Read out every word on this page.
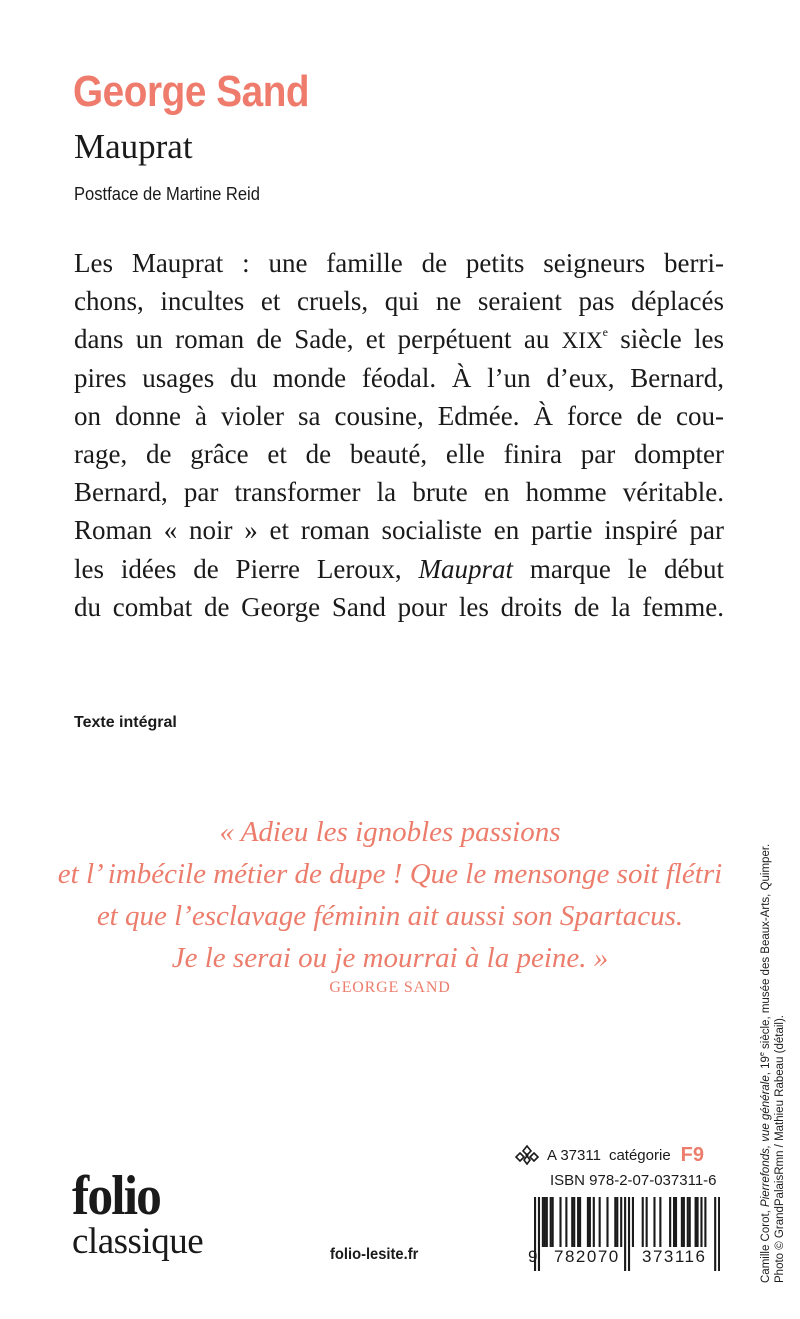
George Sand
Mauprat
Postface de Martine Reid
Les Mauprat : une famille de petits seigneurs berri-
chons, incultes et cruels, qui ne seraient pas déplacés
dans un roman de Sade, et perpétuent au XIXe siècle les
pires usages du monde féodal. À l’un d’eux, Bernard,
on donne à violer sa cousine, Edmée. À force de cou-
rage, de grâce et de beauté, elle finira par dompter
Bernard, par transformer la brute en homme véritable.
Roman « noir » et roman socialiste en partie inspiré par
les idées de Pierre Leroux, Mauprat marque le début
du combat de George Sand pour les droits de la femme.
Texte intégral
« Adieu les ignobles passions
et l’ imbécile métier de dupe ! Que le mensonge soit flétri
et que l’esclavage féminin ait aussi son Spartacus.
Je le serai ou je mourrai à la peine. »
GEORGE SAND
Camille Corot, Pierrefonds, vue générale, 19e siècle, musée des Beaux-Arts, Quimper.
Photo © GrandPalaisRmn / Mathieu Rabeau (détail).
folio
classique	folio-lesite.fr
A 37311 catégorie F9
ISBN 978-2-07-037311-6
9 782070 373116
